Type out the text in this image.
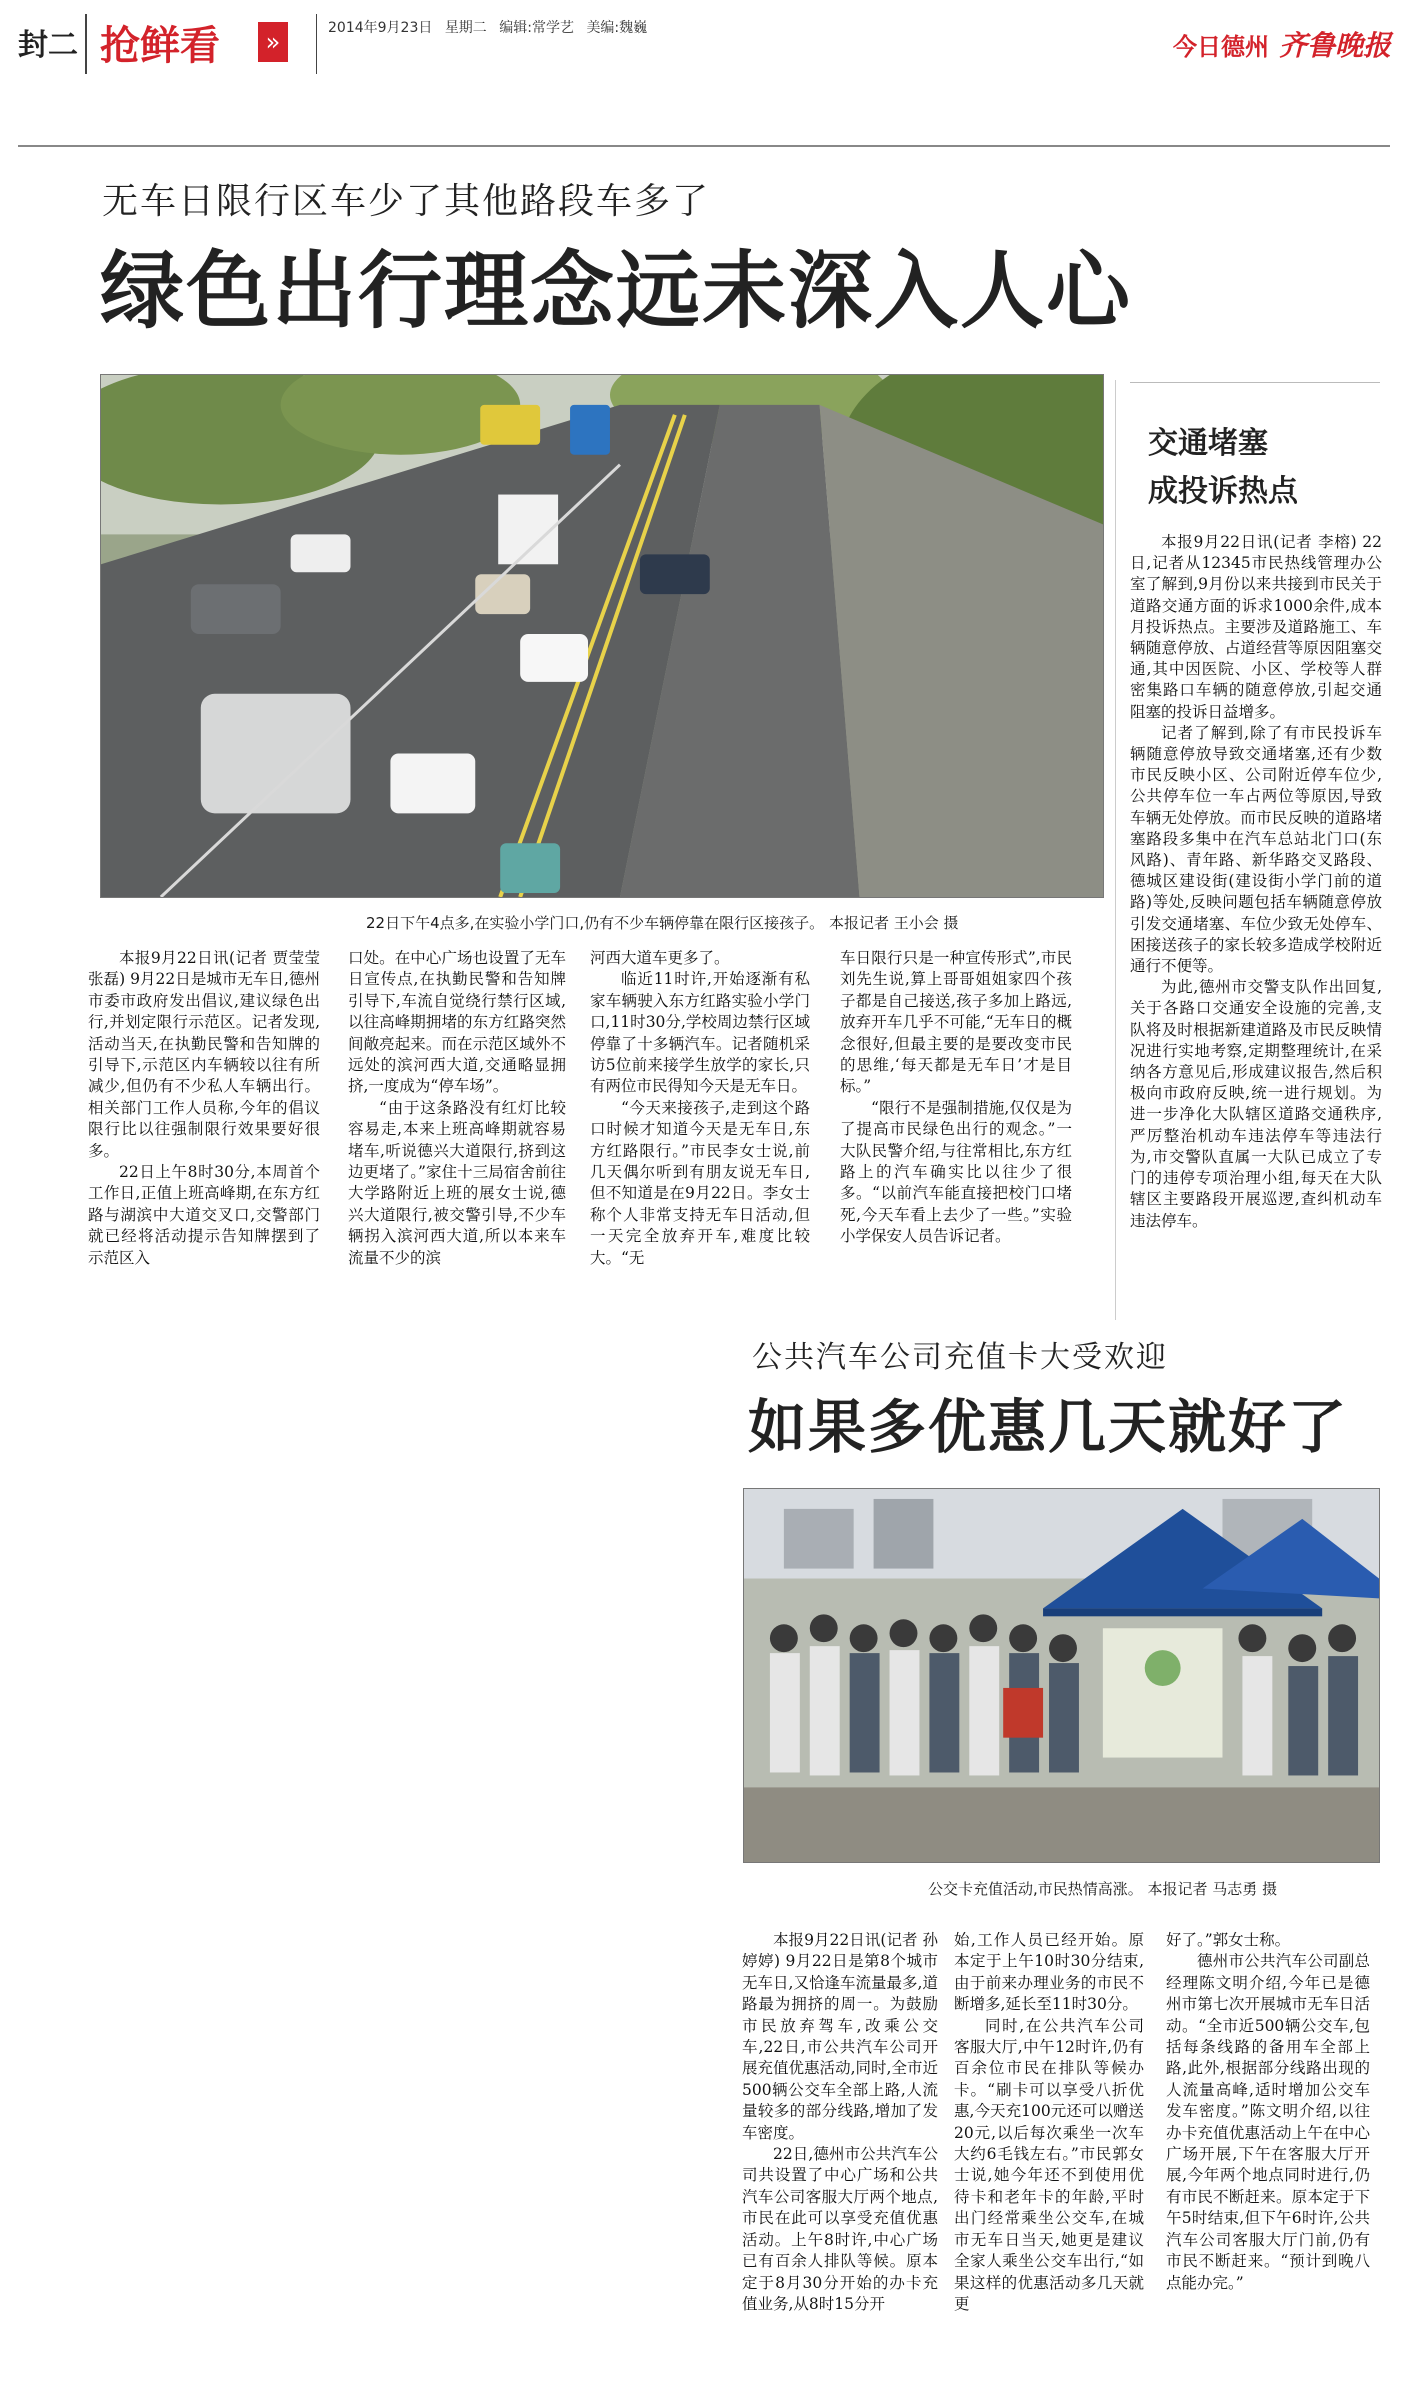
封二 抢鲜看	»	2014年9月23日 星期二 编辑:常学艺 美编:魏巍
今日德州 齐鲁晚报
无车日限行区车少了其他路段车多了
绿色出行理念远未深入人心
22日下午4点多,在实验小学门口,仍有不少车辆停靠在限行区接孩子。 本报记者 王小会 摄

本报9月22日讯(记者 贾莹莹 张磊) 9月22日是城市无车日,德州市委市政府发出倡议,建议绿色出行,并划定限行示范区。记者发现,活动当天,在执勤民警和告知牌的引导下,示范区内车辆较以往有所减少,但仍有不少私人车辆出行。相关部门工作人员称,今年的倡议限行比以往强制限行效果要好很多。

22日上午8时30分,本周首个工作日,正值上班高峰期,在东方红路与湖滨中大道交叉口,交警部门就已经将活动提示告知牌摆到了示范区入

口处。在中心广场也设置了无车日宣传点,在执勤民警和告知牌引导下,车流自觉绕行禁行区域,以往高峰期拥堵的东方红路突然间敞亮起来。而在示范区域外不远处的滨河西大道,交通略显拥挤,一度成为“停车场”。

“由于这条路没有红灯比较容易走,本来上班高峰期就容易堵车,听说德兴大道限行,挤到这边更堵了。”家住十三局宿舍前往大学路附近上班的展女士说,德兴大道限行,被交警引导,不少车辆拐入滨河西大道,所以本来车流量不少的滨

河西大道车更多了。

临近11时许,开始逐渐有私家车辆驶入东方红路实验小学门口,11时30分,学校周边禁行区域停靠了十多辆汽车。记者随机采访5位前来接学生放学的家长,只有两位市民得知今天是无车日。

“今天来接孩子,走到这个路口时候才知道今天是无车日,东方红路限行。”市民李女士说,前几天偶尔听到有朋友说无车日,但不知道是在9月22日。李女士称个人非常支持无车日活动,但一天完全放弃开车,难度比较大。“无

车日限行只是一种宣传形式”,市民刘先生说,算上哥哥姐姐家四个孩子都是自己接送,孩子多加上路远,放弃开车几乎不可能,“无车日的概念很好,但最主要的是要改变市民的思维,‘每天都是无车日’才是目标。”

“限行不是强制措施,仅仅是为了提高市民绿色出行的观念。”一大队民警介绍,与往常相比,东方红路上的汽车确实比以往少了很多。“以前汽车能直接把校门口堵死,今天车看上去少了一些。”实验小学保安人员告诉记者。

交通堵塞
成投诉热点

本报9月22日讯(记者 李榕) 22日,记者从12345市民热线管理办公室了解到,9月份以来共接到市民关于道路交通方面的诉求1000余件,成本月投诉热点。主要涉及道路施工、车辆随意停放、占道经营等原因阻塞交通,其中因医院、小区、学校等人群密集路口车辆的随意停放,引起交通阻塞的投诉日益增多。

记者了解到,除了有市民投诉车辆随意停放导致交通堵塞,还有少数市民反映小区、公司附近停车位少,公共停车位一车占两位等原因,导致车辆无处停放。而市民反映的道路堵塞路段多集中在汽车总站北门口(东风路)、青年路、新华路交叉路段、德城区建设街(建设街小学门前的道路)等处,反映问题包括车辆随意停放引发交通堵塞、车位少致无处停车、困接送孩子的家长较多造成学校附近通行不便等。

为此,德州市交警支队作出回复,关于各路口交通安全设施的完善,支队将及时根据新建道路及市民反映情况进行实地考察,定期整理统计,在采纳各方意见后,形成建议报告,然后积极向市政府反映,统一进行规划。为进一步净化大队辖区道路交通秩序,严厉整治机动车违法停车等违法行为,市交警队直属一大队已成立了专门的违停专项治理小组,每天在大队辖区主要路段开展巡逻,查纠机动车违法停车。

公共汽车公司充值卡大受欢迎
如果多优惠几天就好了
公交卡充值活动,市民热情高涨。 本报记者 马志勇 摄

本报9月22日讯(记者 孙婷婷) 9月22日是第8个城市无车日,又恰逢车流量最多,道路最为拥挤的周一。为鼓励市民放弃驾车,改乘公交车,22日,市公共汽车公司开展充值优惠活动,同时,全市近500辆公交车全部上路,人流量较多的部分线路,增加了发车密度。

22日,德州市公共汽车公司共设置了中心广场和公共汽车公司客服大厅两个地点,市民在此可以享受充值优惠活动。上午8时许,中心广场已有百余人排队等候。原本定于8月30分开始的办卡充值业务,从8时15分开

始,工作人员已经开始。原本定于上午10时30分结束,由于前来办理业务的市民不断增多,延长至11时30分。

同时,在公共汽车公司客服大厅,中午12时许,仍有百余位市民在排队等候办卡。“刷卡可以享受八折优惠,今天充100元还可以赠送20元,以后每次乘坐一次车大约6毛钱左右。”市民郭女士说,她今年还不到使用优待卡和老年卡的年龄,平时出门经常乘坐公交车,在城市无车日当天,她更是建议全家人乘坐公交车出行,“如果这样的优惠活动多几天就更

好了。”郭女士称。

德州市公共汽车公司副总经理陈文明介绍,今年已是德州市第七次开展城市无车日活动。“全市近500辆公交车,包括每条线路的备用车全部上路,此外,根据部分线路出现的人流量高峰,适时增加公交车发车密度。”陈文明介绍,以往办卡充值优惠活动上午在中心广场开展,下午在客服大厅开展,今年两个地点同时进行,仍有市民不断赶来。原本定于下午5时结束,但下午6时许,公共汽车公司客服大厅门前,仍有市民不断赶来。“预计到晚八点能办完。”
